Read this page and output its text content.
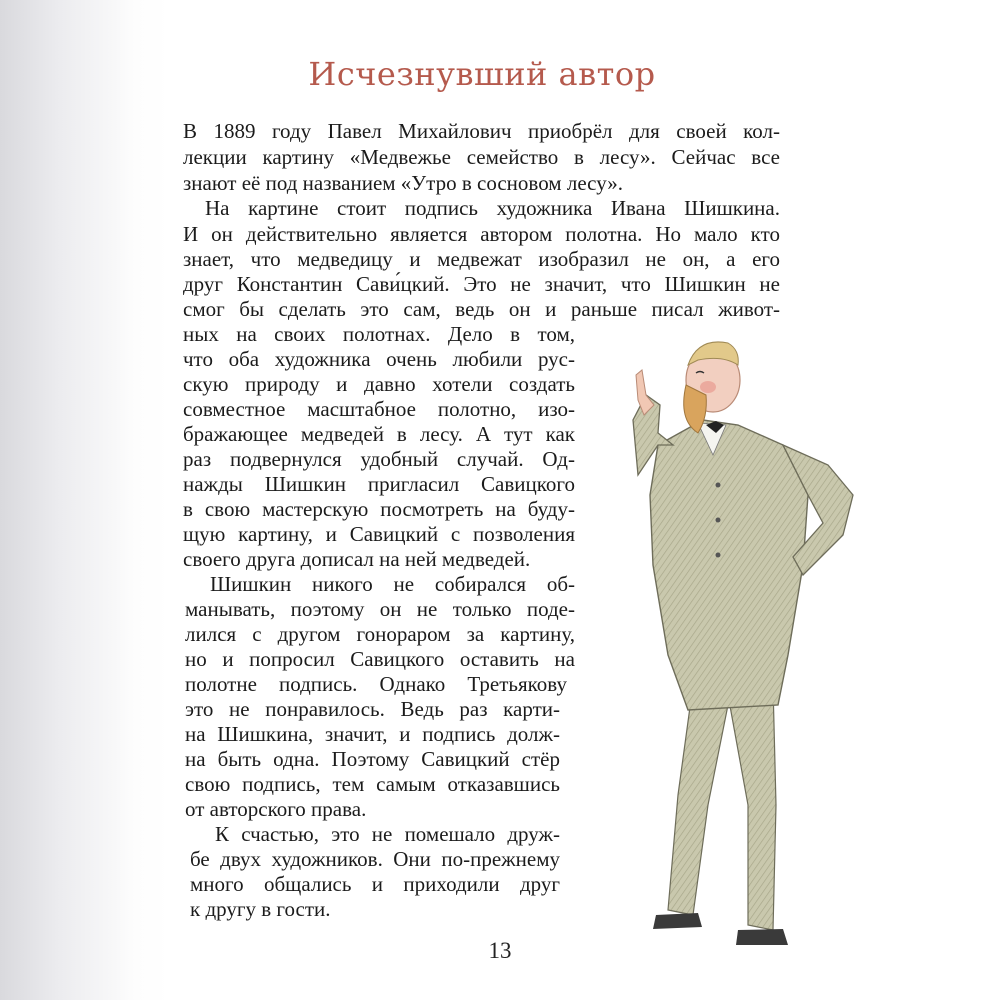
Исчезнувший автор
В 1889 году Павел Михайлович приобрёл для своей кол-
лекции картину «Медвежье семейство в лесу». Сейчас все
знают её под названием «Утро в сосновом лесу».
На картине стоит подпись художника Ивана Шишкина.
И он действительно является автором полотна. Но мало кто
знает, что медведицу и медвежат изобразил не он, а его
друг Константин Сави́цкий. Это не значит, что Шишкин не
смог бы сделать это сам, ведь он и раньше писал живот-
ных на своих полотнах. Дело в том,
что оба художника очень любили рус-
скую природу и давно хотели создать
совместное масштабное полотно, изо-
бражающее медведей в лесу. А тут как
раз подвернулся удобный случай. Од-
нажды Шишкин пригласил Савицкого
в свою мастерскую посмотреть на буду-
щую картину, и Савицкий с позволения
своего друга дописал на ней медведей.
Шишкин никого не собирался об-
манывать, поэтому он не только поде-
лился с другом гонораром за картину,
но и попросил Савицкого оставить на
полотне подпись. Однако Третьякову
это не понравилось. Ведь раз карти-
на Шишкина, значит, и подпись долж-
на быть одна. Поэтому Савицкий стёр
свою подпись, тем самым отказавшись
от авторского права.
К счастью, это не помешало друж-
бе двух художников. Они по-прежнему
много общались и приходили друг
к другу в гости.
13
